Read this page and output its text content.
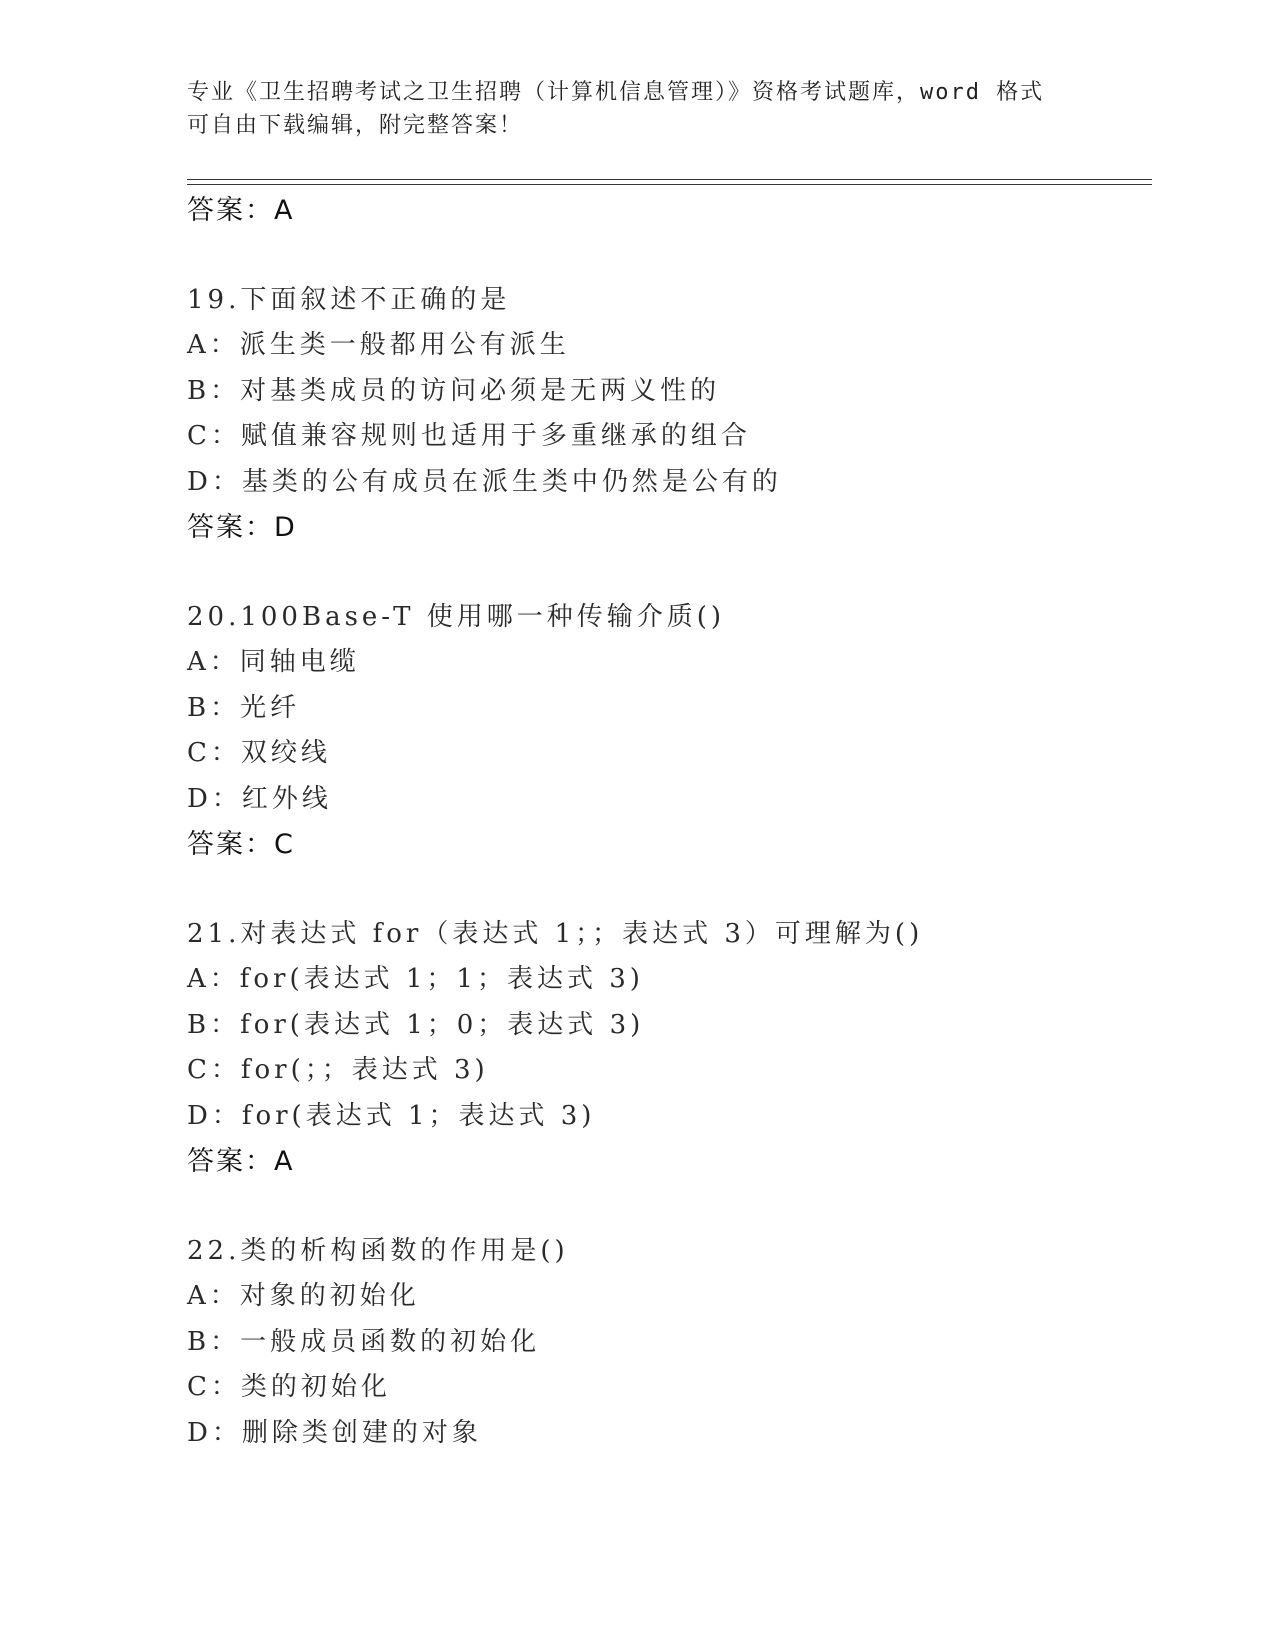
专业《卫生招聘考试之卫生招聘（计算机信息管理）》资格考试题库，word 格式
可自由下载编辑，附完整答案！
答案：A
19.下面叙述不正确的是
A：派生类一般都用公有派生
B：对基类成员的访问必须是无两义性的
C：赋值兼容规则也适用于多重继承的组合
D：基类的公有成员在派生类中仍然是公有的
答案：D
20.100Base-T 使用哪一种传输介质()
A：同轴电缆
B：光纤
C：双绞线
D：红外线
答案：C
21.对表达式 for（表达式 1；；表达式 3）可理解为()
A：for(表达式 1；1；表达式 3)
B：for(表达式 1；0；表达式 3)
C：for(；；表达式 3)
D：for(表达式 1；表达式 3)
答案：A
22.类的析构函数的作用是()
A：对象的初始化
B：一般成员函数的初始化
C：类的初始化
D：删除类创建的对象
